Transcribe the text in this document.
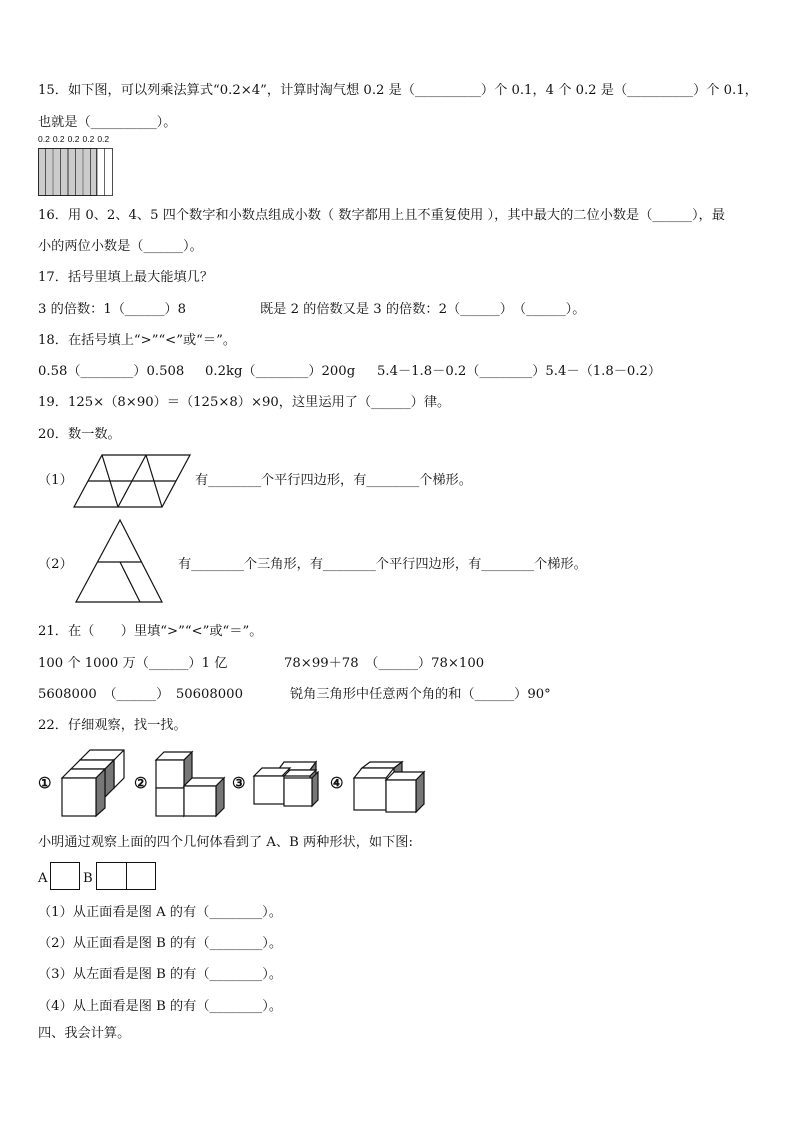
15．如下图，可以列乘法算式“0.2×4”，计算时淘气想 0.2 是（__________）个 0.1，4 个 0.2 是（__________）个 0.1，
也就是（__________）。
0.2 0.2 0.2 0.2 0.2
16．用 0、2、4、5 四个数字和小数点组成小数（ 数字都用上且不重复使用 ），其中最大的二位小数是（______），最
小的两位小数是（______）。
17．括号里填上最大能填几？
3 的倍数：1（______）8	既是 2 的倍数又是 3 的倍数：2（______）　（______）。
18．在括号填上“>”“<”或“＝”。
0.58（________）0.508 0.2kg（________）200g 5.4－1.8－0.2（________）5.4－（1.8－0.2）
19．125×（8×90）＝（125×8）×90，这里运用了（______）律。
20．数一数。
（1）	有________个平行四边形，有________个梯形。
（2）	有________个三角形，有________个平行四边形，有________个梯形。
21．在（　　）里填“>”“<”或“＝”。
100 个 1000 万（______）1 亿	78×99＋78　（______）78×100
5608000　（______）　50608000	锐角三角形中任意两个角的和（______）90°
22．仔细观察，找一找。
①	②	③	④
小明通过观察上面的四个几何体看到了 A、B 两种形状，如下图:
A	B
（1）从正面看是图 A 的有（________）。
（2）从正面看是图 B 的有（________）。
（3）从左面看是图 B 的有（________）。
（4）从上面看是图 B 的有（________）。
四、我会计算。
